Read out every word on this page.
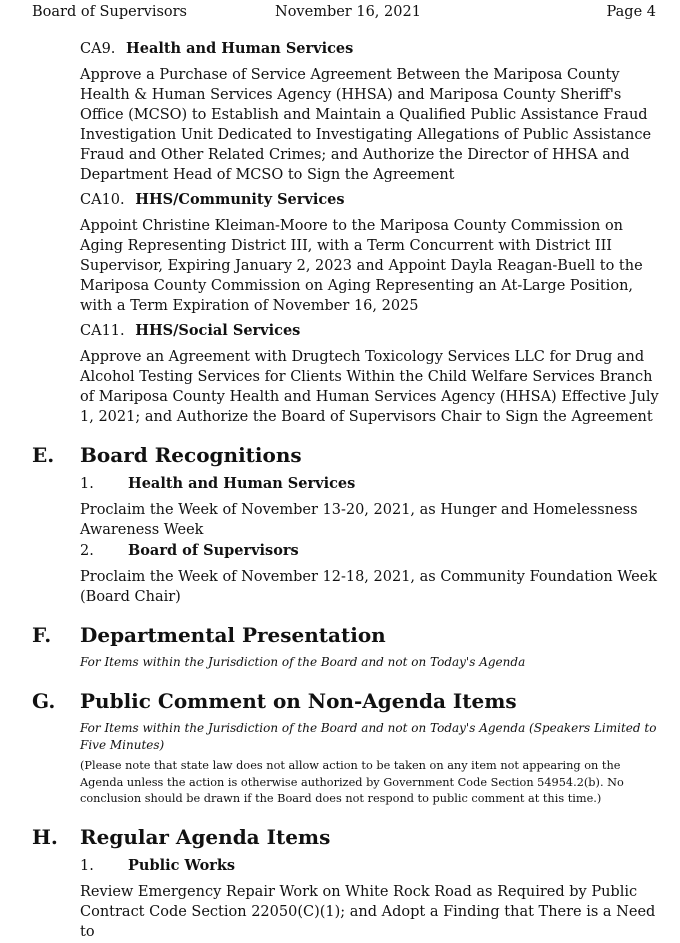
Board of Supervisors	November 16, 2021	Page 4
CA9. Health and Human Services
Approve a Purchase of Service Agreement Between the Mariposa County Health & Human Services Agency (HHSA) and Mariposa County Sheriff's Office (MCSO) to Establish and Maintain a Qualified Public Assistance Fraud Investigation Unit Dedicated to Investigating Allegations of Public Assistance Fraud and Other Related Crimes; and Authorize the Director of HHSA and Department Head of MCSO to Sign the Agreement
CA10. HHS/Community Services
Appoint Christine Kleiman-Moore to the Mariposa County Commission on Aging Representing District III, with a Term Concurrent with District III Supervisor, Expiring January 2, 2023 and Appoint Dayla Reagan-Buell to the Mariposa County Commission on Aging Representing an At-Large Position, with a Term Expiration of November 16, 2025
CA11. HHS/Social Services
Approve an Agreement with Drugtech Toxicology Services LLC for Drug and Alcohol Testing Services for Clients Within the Child Welfare Services Branch of Mariposa County Health and Human Services Agency (HHSA) Effective July 1, 2021; and Authorize the Board of Supervisors Chair to Sign the Agreement
E. Board Recognitions
1. Health and Human Services
Proclaim the Week of November 13-20, 2021, as Hunger and Homelessness Awareness Week
2. Board of Supervisors
Proclaim the Week of November 12-18, 2021, as Community Foundation Week (Board Chair)
F. Departmental Presentation
For Items within the Jurisdiction of the Board and not on Today's Agenda
G. Public Comment on Non-Agenda Items
For Items within the Jurisdiction of the Board and not on Today's Agenda (Speakers Limited to Five Minutes)
(Please note that state law does not allow action to be taken on any item not appearing on the Agenda unless the action is otherwise authorized by Government Code Section 54954.2(b). No conclusion should be drawn if the Board does not respond to public comment at this time.)
H. Regular Agenda Items
1. Public Works
Review Emergency Repair Work on White Rock Road as Required by Public Contract Code Section 22050(C)(1); and Adopt a Finding that There is a Need to
